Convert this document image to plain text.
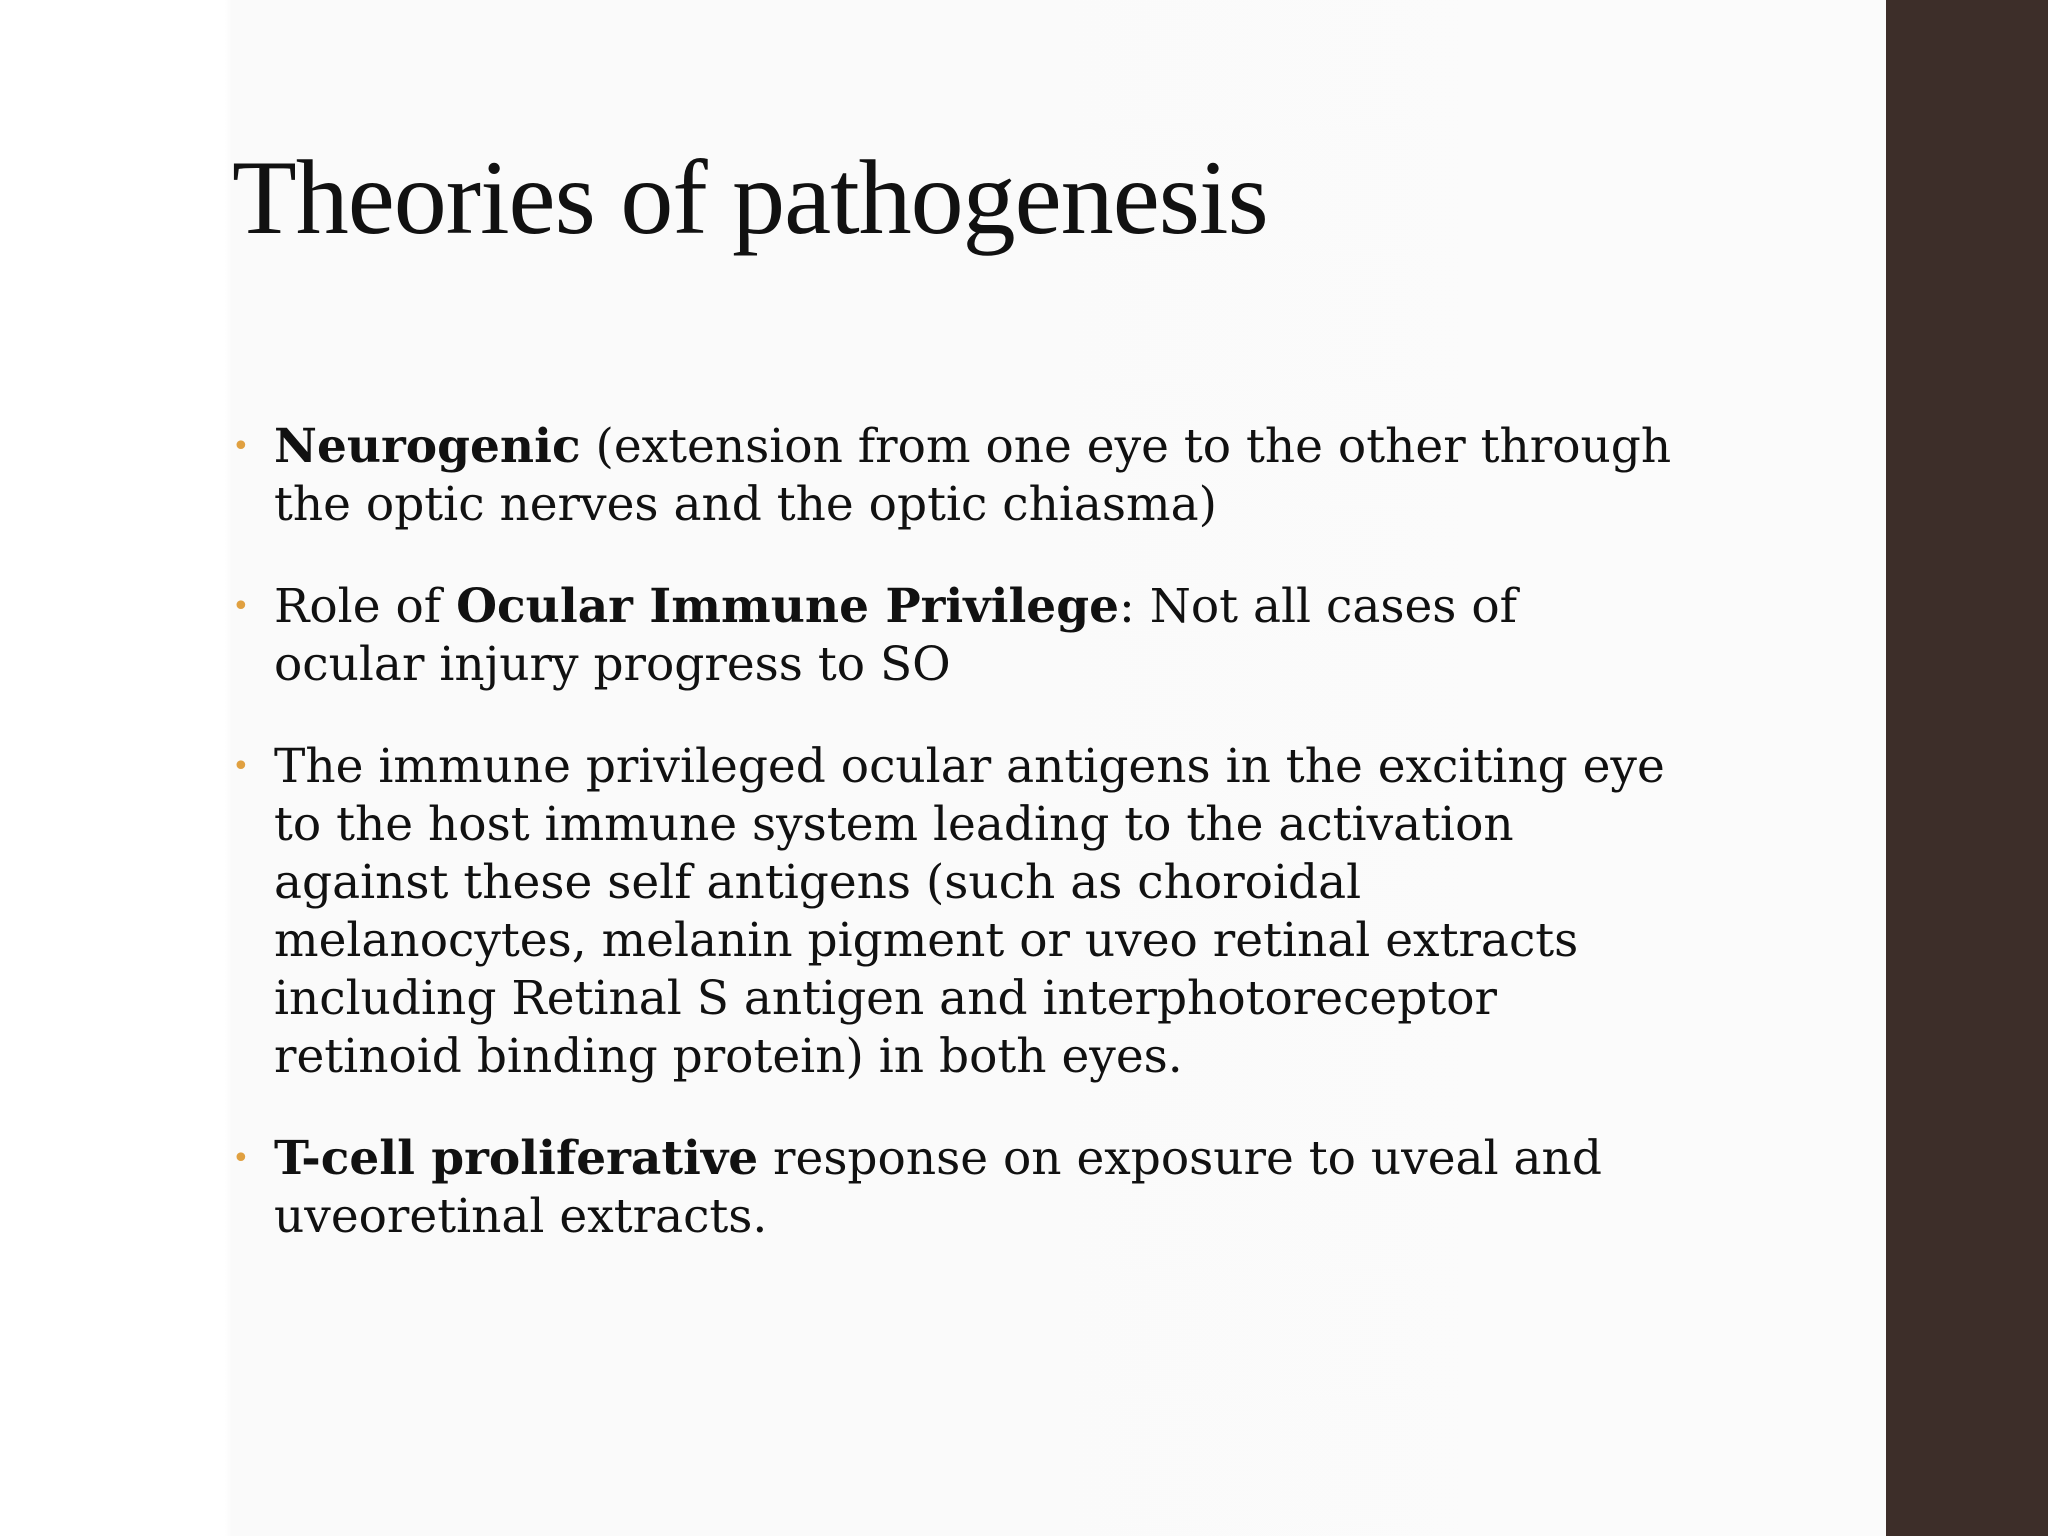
Theories of pathogenesis
• Neurogenic (extension from one eye to the other through the optic nerves and the optic chiasma)
• Role of Ocular Immune Privilege: Not all cases of ocular injury progress to SO
• The immune privileged ocular antigens in the exciting eye to the host immune system leading to the activation against these self antigens (such as choroidal melanocytes, melanin pigment or uveo retinal extracts including Retinal S antigen and interphotoreceptor retinoid binding protein) in both eyes.
• T-cell proliferative response on exposure to uveal and uveoretinal extracts.
